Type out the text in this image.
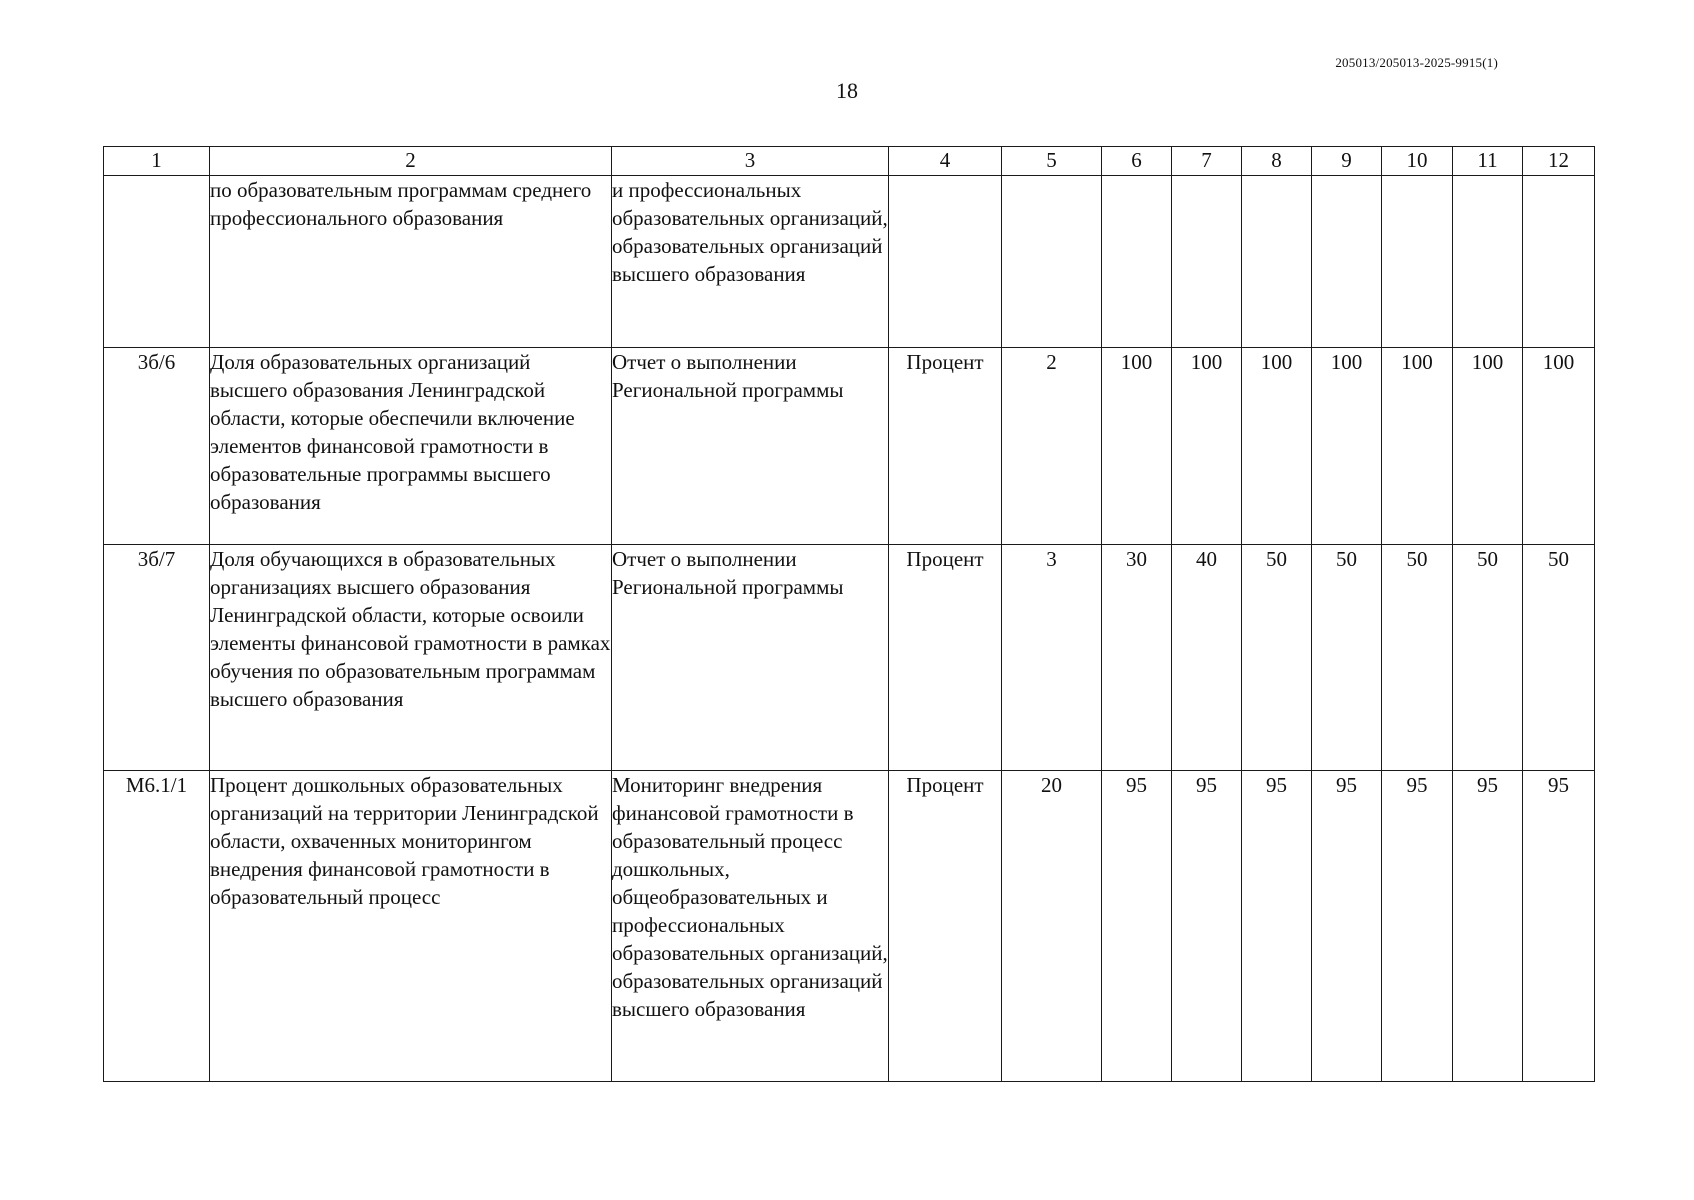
205013/205013-2025-9915(1)
18
1	2	3	4	5	6	7	8	9	10	11	12
	по образовательным программам среднего профессионального образования	и профессиональных образовательных организаций, образовательных организаций высшего образования									
3б/6	Доля образовательных организаций высшего образования Ленинградской области, которые обеспечили включение элементов финансовой грамотности в образовательные программы высшего образования	Отчет о выполнении Региональной программы	Процент	2	100	100	100	100	100	100	100
3б/7	Доля обучающихся в образовательных организациях высшего образования Ленинградской области, которые освоили элементы финансовой грамотности в рамках обучения по образовательным программам высшего образования	Отчет о выполнении Региональной программы	Процент	3	30	40	50	50	50	50	50
М6.1/1	Процент дошкольных образовательных организаций на территории Ленинградской области, охваченных мониторингом внедрения финансовой грамотности в образовательный процесс	Мониторинг внедрения финансовой грамотности в образовательный процесс дошкольных, общеобразовательных и профессиональных образовательных организаций, образовательных организаций высшего образования	Процент	20	95	95	95	95	95	95	95
